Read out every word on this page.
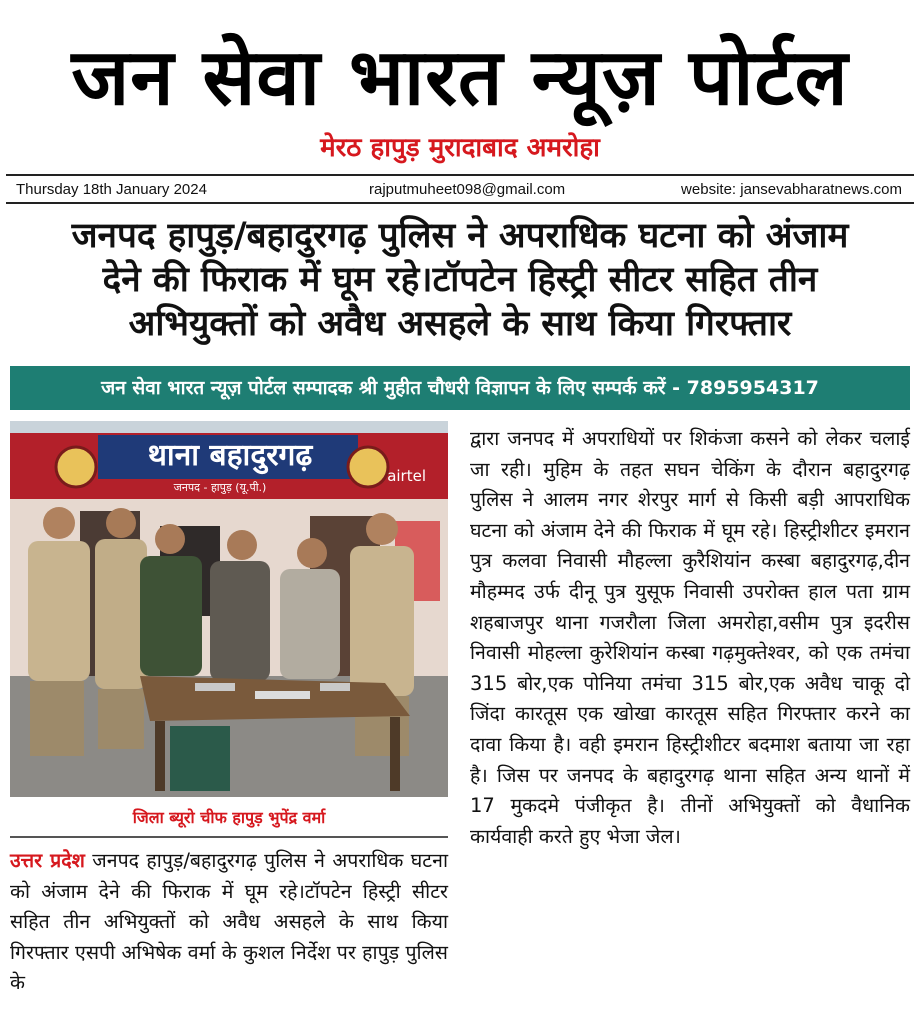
जन सेवा भारत न्यूज़ पोर्टल
मेरठ हापुड़ मुरादाबाद अमरोहा
Thursday 18th January 2024	rajputmuheet098@gmail.com	website: jansevabharatnews.com
जनपद हापुड़/बहादुरगढ़ पुलिस ने अपराधिक घटना को अंजाम
देने की फिराक में घूम रहे।टॉपटेन हिस्ट्री सीटर सहित तीन
अभियुक्तों को अवैध असहले के साथ किया गिरफ्तार
जन सेवा भारत न्यूज़ पोर्टल सम्पादक श्री मुहीत चौधरी विज्ञापन के लिए सम्पर्क करें - 7895954317
थाना बहादुरगढ़
जनपद - हापुड़ (यू.पी.)
airtel
जिला ब्यूरो चीफ हापुड़ भुपेंद्र वर्मा
उत्तर प्रदेश जनपद हापुड़/बहादुरगढ़ पुलिस ने अपराधिक घटना को अंजाम देने की फिराक में घूम रहे।टॉपटेन हिस्ट्री सीटर सहित तीन अभियुक्तों को अवैध असहले के साथ किया गिरफ्तार एसपी अभिषेक वर्मा के कुशल निर्देश पर हापुड़ पुलिस के
द्वारा जनपद में अपराधियों पर शिकंजा कसने को लेकर चलाई जा रही। मुहिम के तहत सघन चेकिंग के दौरान बहादुरगढ़ पुलिस ने आलम नगर शेरपुर मार्ग से किसी बड़ी आपराधिक घटना को अंजाम देने की फिराक में घूम रहे। हिस्ट्रीशीटर इमरान पुत्र कलवा निवासी मौहल्ला कुरैशियांन कस्बा बहादुरगढ़,दीन मौहम्मद उर्फ दीनू पुत्र युसूफ निवासी उपरोक्त हाल पता ग्राम शहबाजपुर थाना गजरौला जिला अमरोहा,वसीम पुत्र इदरीस निवासी मोहल्ला कुरेशियांन कस्बा गढ़मुक्तेश्वर, को एक तमंचा 315 बोर,एक पोनिया तमंचा 315 बोर,एक अवैध चाकू दो जिंदा कारतूस एक खोखा कारतूस सहित गिरफ्तार करने का दावा किया है। वही इमरान हिस्ट्रीशीटर बदमाश बताया जा रहा है। जिस पर जनपद के बहादुरगढ़ थाना सहित अन्य थानों में 17 मुकदमे पंजीकृत है। तीनों अभियुक्तों को वैधानिक कार्यवाही करते हुए भेजा जेल।
